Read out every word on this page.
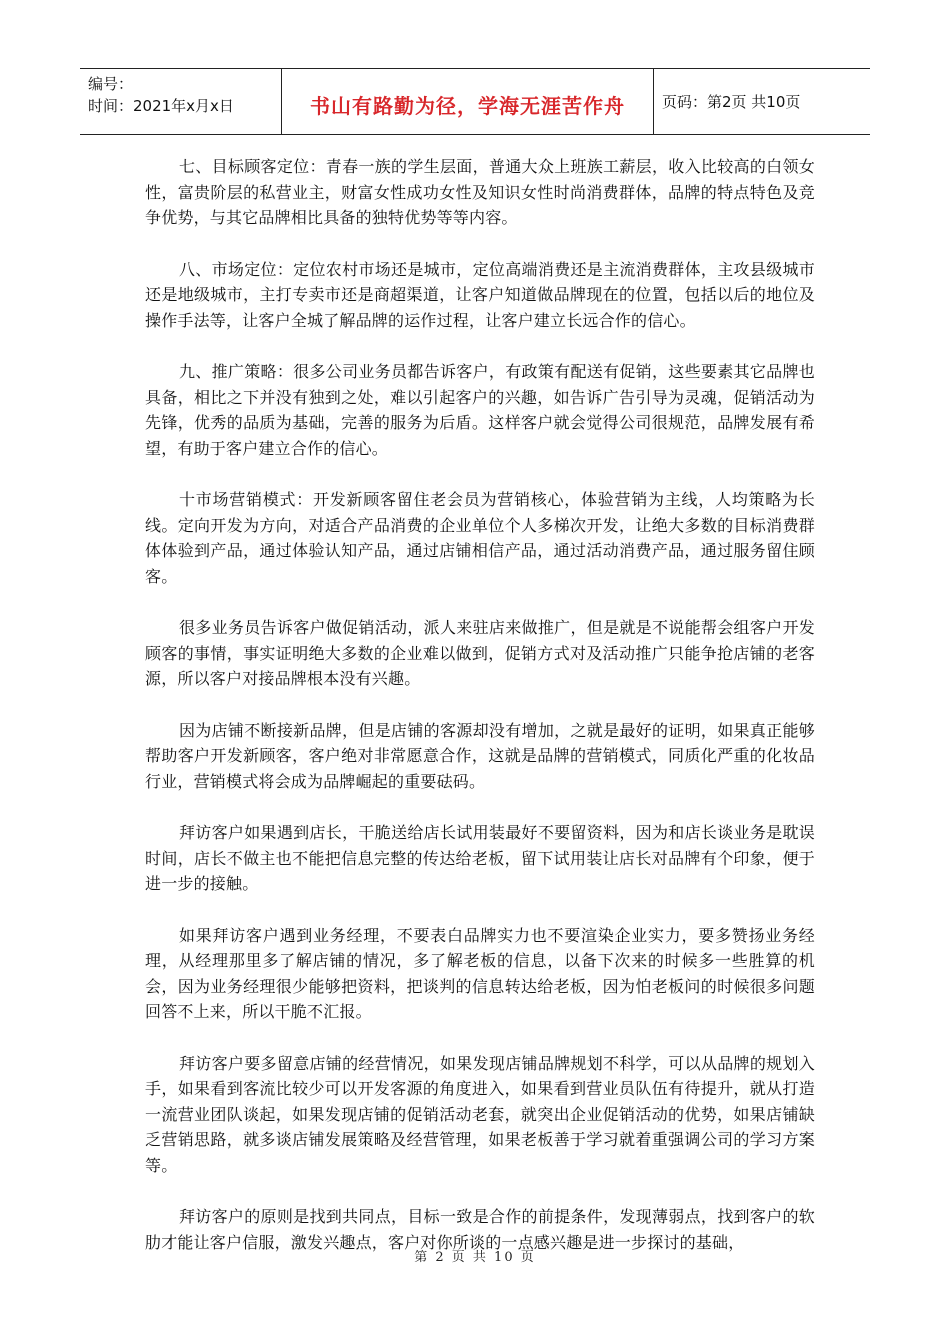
编号：
时间：2021年x月x日	书山有路勤为径，学海无涯苦作舟 页码：第2页 共10页

七、目标顾客定位：青春一族的学生层面，普通大众上班族工薪层，收入比较高的白领女性，富贵阶层的私营业主，财富女性成功女性及知识女性时尚消费群体，品牌的特点特色及竞争优势，与其它品牌相比具备的独特优势等等内容。

八、市场定位：定位农村市场还是城市，定位高端消费还是主流消费群体，主攻县级城市还是地级城市，主打专卖市还是商超渠道，让客户知道做品牌现在的位置，包括以后的地位及操作手法等，让客户全城了解品牌的运作过程，让客户建立长远合作的信心。

九、推广策略：很多公司业务员都告诉客户，有政策有配送有促销，这些要素其它品牌也具备，相比之下并没有独到之处，难以引起客户的兴趣，如告诉广告引导为灵魂，促销活动为先锋，优秀的品质为基础，完善的服务为后盾。这样客户就会觉得公司很规范，品牌发展有希望，有助于客户建立合作的信心。

十市场营销模式：开发新顾客留住老会员为营销核心，体验营销为主线，人均策略为长线。定向开发为方向，对适合产品消费的企业单位个人多梯次开发，让绝大多数的目标消费群体体验到产品，通过体验认知产品，通过店铺相信产品，通过活动消费产品，通过服务留住顾客。

很多业务员告诉客户做促销活动，派人来驻店来做推广，但是就是不说能帮会组客户开发顾客的事情，事实证明绝大多数的企业难以做到，促销方式对及活动推广只能争抢店铺的老客源，所以客户对接品牌根本没有兴趣。

因为店铺不断接新品牌，但是店铺的客源却没有增加，之就是最好的证明，如果真正能够帮助客户开发新顾客，客户绝对非常愿意合作，这就是品牌的营销模式，同质化严重的化妆品行业，营销模式将会成为品牌崛起的重要砝码。

拜访客户如果遇到店长，干脆送给店长试用装最好不要留资料，因为和店长谈业务是耽误时间，店长不做主也不能把信息完整的传达给老板，留下试用装让店长对品牌有个印象，便于进一步的接触。

如果拜访客户遇到业务经理，不要表白品牌实力也不要渲染企业实力，要多赞扬业务经理，从经理那里多了解店铺的情况，多了解老板的信息，以备下次来的时候多一些胜算的机会，因为业务经理很少能够把资料，把谈判的信息转达给老板，因为怕老板问的时候很多问题回答不上来，所以干脆不汇报。

拜访客户要多留意店铺的经营情况，如果发现店铺品牌规划不科学，可以从品牌的规划入手，如果看到客流比较少可以开发客源的角度进入，如果看到营业员队伍有待提升，就从打造一流营业团队谈起，如果发现店铺的促销活动老套，就突出企业促销活动的优势，如果店铺缺乏营销思路，就多谈店铺发展策略及经营管理，如果老板善于学习就着重强调公司的学习方案等。

拜访客户的原则是找到共同点，目标一致是合作的前提条件，发现薄弱点，找到客户的软肋才能让客户信服，激发兴趣点，客户对你所谈的一点感兴趣是进一步探讨的基础，

第 2 页 共 10 页
